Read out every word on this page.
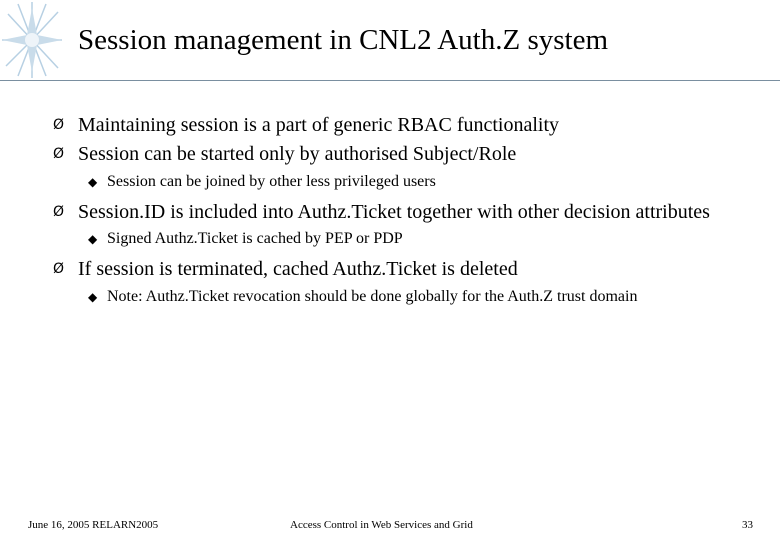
Session management in CNL2 Auth.Z system
Ø Maintaining session is a part of generic RBAC functionality
Ø Session can be started only by authorised Subject/Role
◆ Session can be joined by other less privileged users
Ø Session.ID is included into Authz.Ticket together with other decision attributes
◆ Signed Authz.Ticket is cached by PEP or PDP
Ø If session is terminated, cached Authz.Ticket is deleted
◆ Note: Authz.Ticket revocation should be done globally for the Auth.Z trust domain
June 16, 2005 RELARN2005	Access Control in Web Services and Grid	33
